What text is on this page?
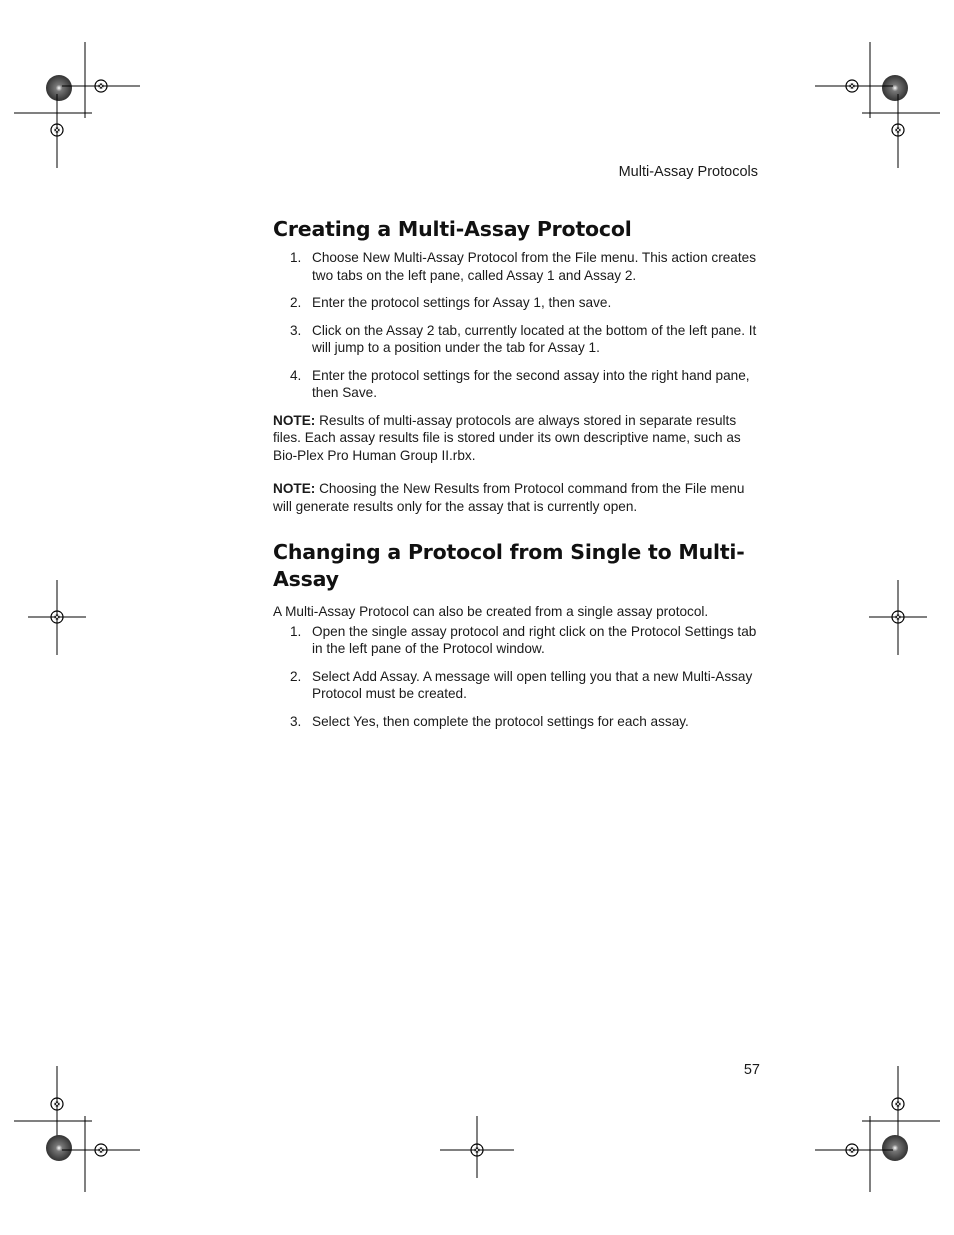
Multi-Assay Protocols
Creating a Multi-Assay Protocol
1. Choose New Multi-Assay Protocol from the File menu. This action creates two tabs on the left pane, called Assay 1 and Assay 2.
2. Enter the protocol settings for Assay 1, then save.
3. Click on the Assay 2 tab, currently located at the bottom of the left pane. It will jump to a position under the tab for Assay 1.
4. Enter the protocol settings for the second assay into the right hand pane, then Save.

NOTE: Results of multi-assay protocols are always stored in separate results files. Each assay results file is stored under its own descriptive name, such as Bio-Plex Pro Human Group II.rbx.

NOTE: Choosing the New Results from Protocol command from the File menu will generate results only for the assay that is currently open.

Changing a Protocol from Single to Multi-Assay

A Multi-Assay Protocol can also be created from a single assay protocol.

1. Open the single assay protocol and right click on the Protocol Settings tab in the left pane of the Protocol window.
2. Select Add Assay. A message will open telling you that a new Multi-Assay Protocol must be created.
3. Select Yes, then complete the protocol settings for each assay.
57
